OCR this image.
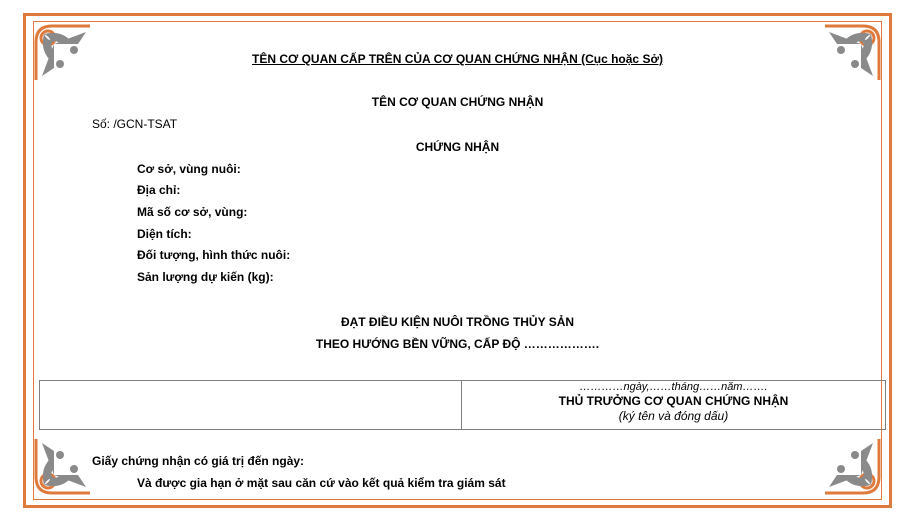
TÊN CƠ QUAN CẤP TRÊN CỦA CƠ QUAN CHỨNG NHẬN (Cục hoặc Sở)
TÊN CƠ QUAN CHỨNG NHẬN
Số: /GCN-TSAT
CHỨNG NHẬN
Cơ sở, vùng nuôi:
Địa chỉ:
Mã số cơ sở, vùng:
Diện tích:
Đối tượng, hình thức nuôi:
Sản lượng dự kiến (kg):
ĐẠT ĐIỀU KIỆN NUÔI TRỒNG THỦY SẢN
THEO HƯỚNG BỀN VỮNG, CẤP ĐỘ ……………….
…………ngày,……tháng……năm…….
THỦ TRƯỞNG CƠ QUAN CHỨNG NHẬN
(ký tên và đóng dấu)
Giấy chứng nhận có giá trị đến ngày:
Và được gia hạn ở mặt sau căn cứ vào kết quả kiểm tra giám sát
